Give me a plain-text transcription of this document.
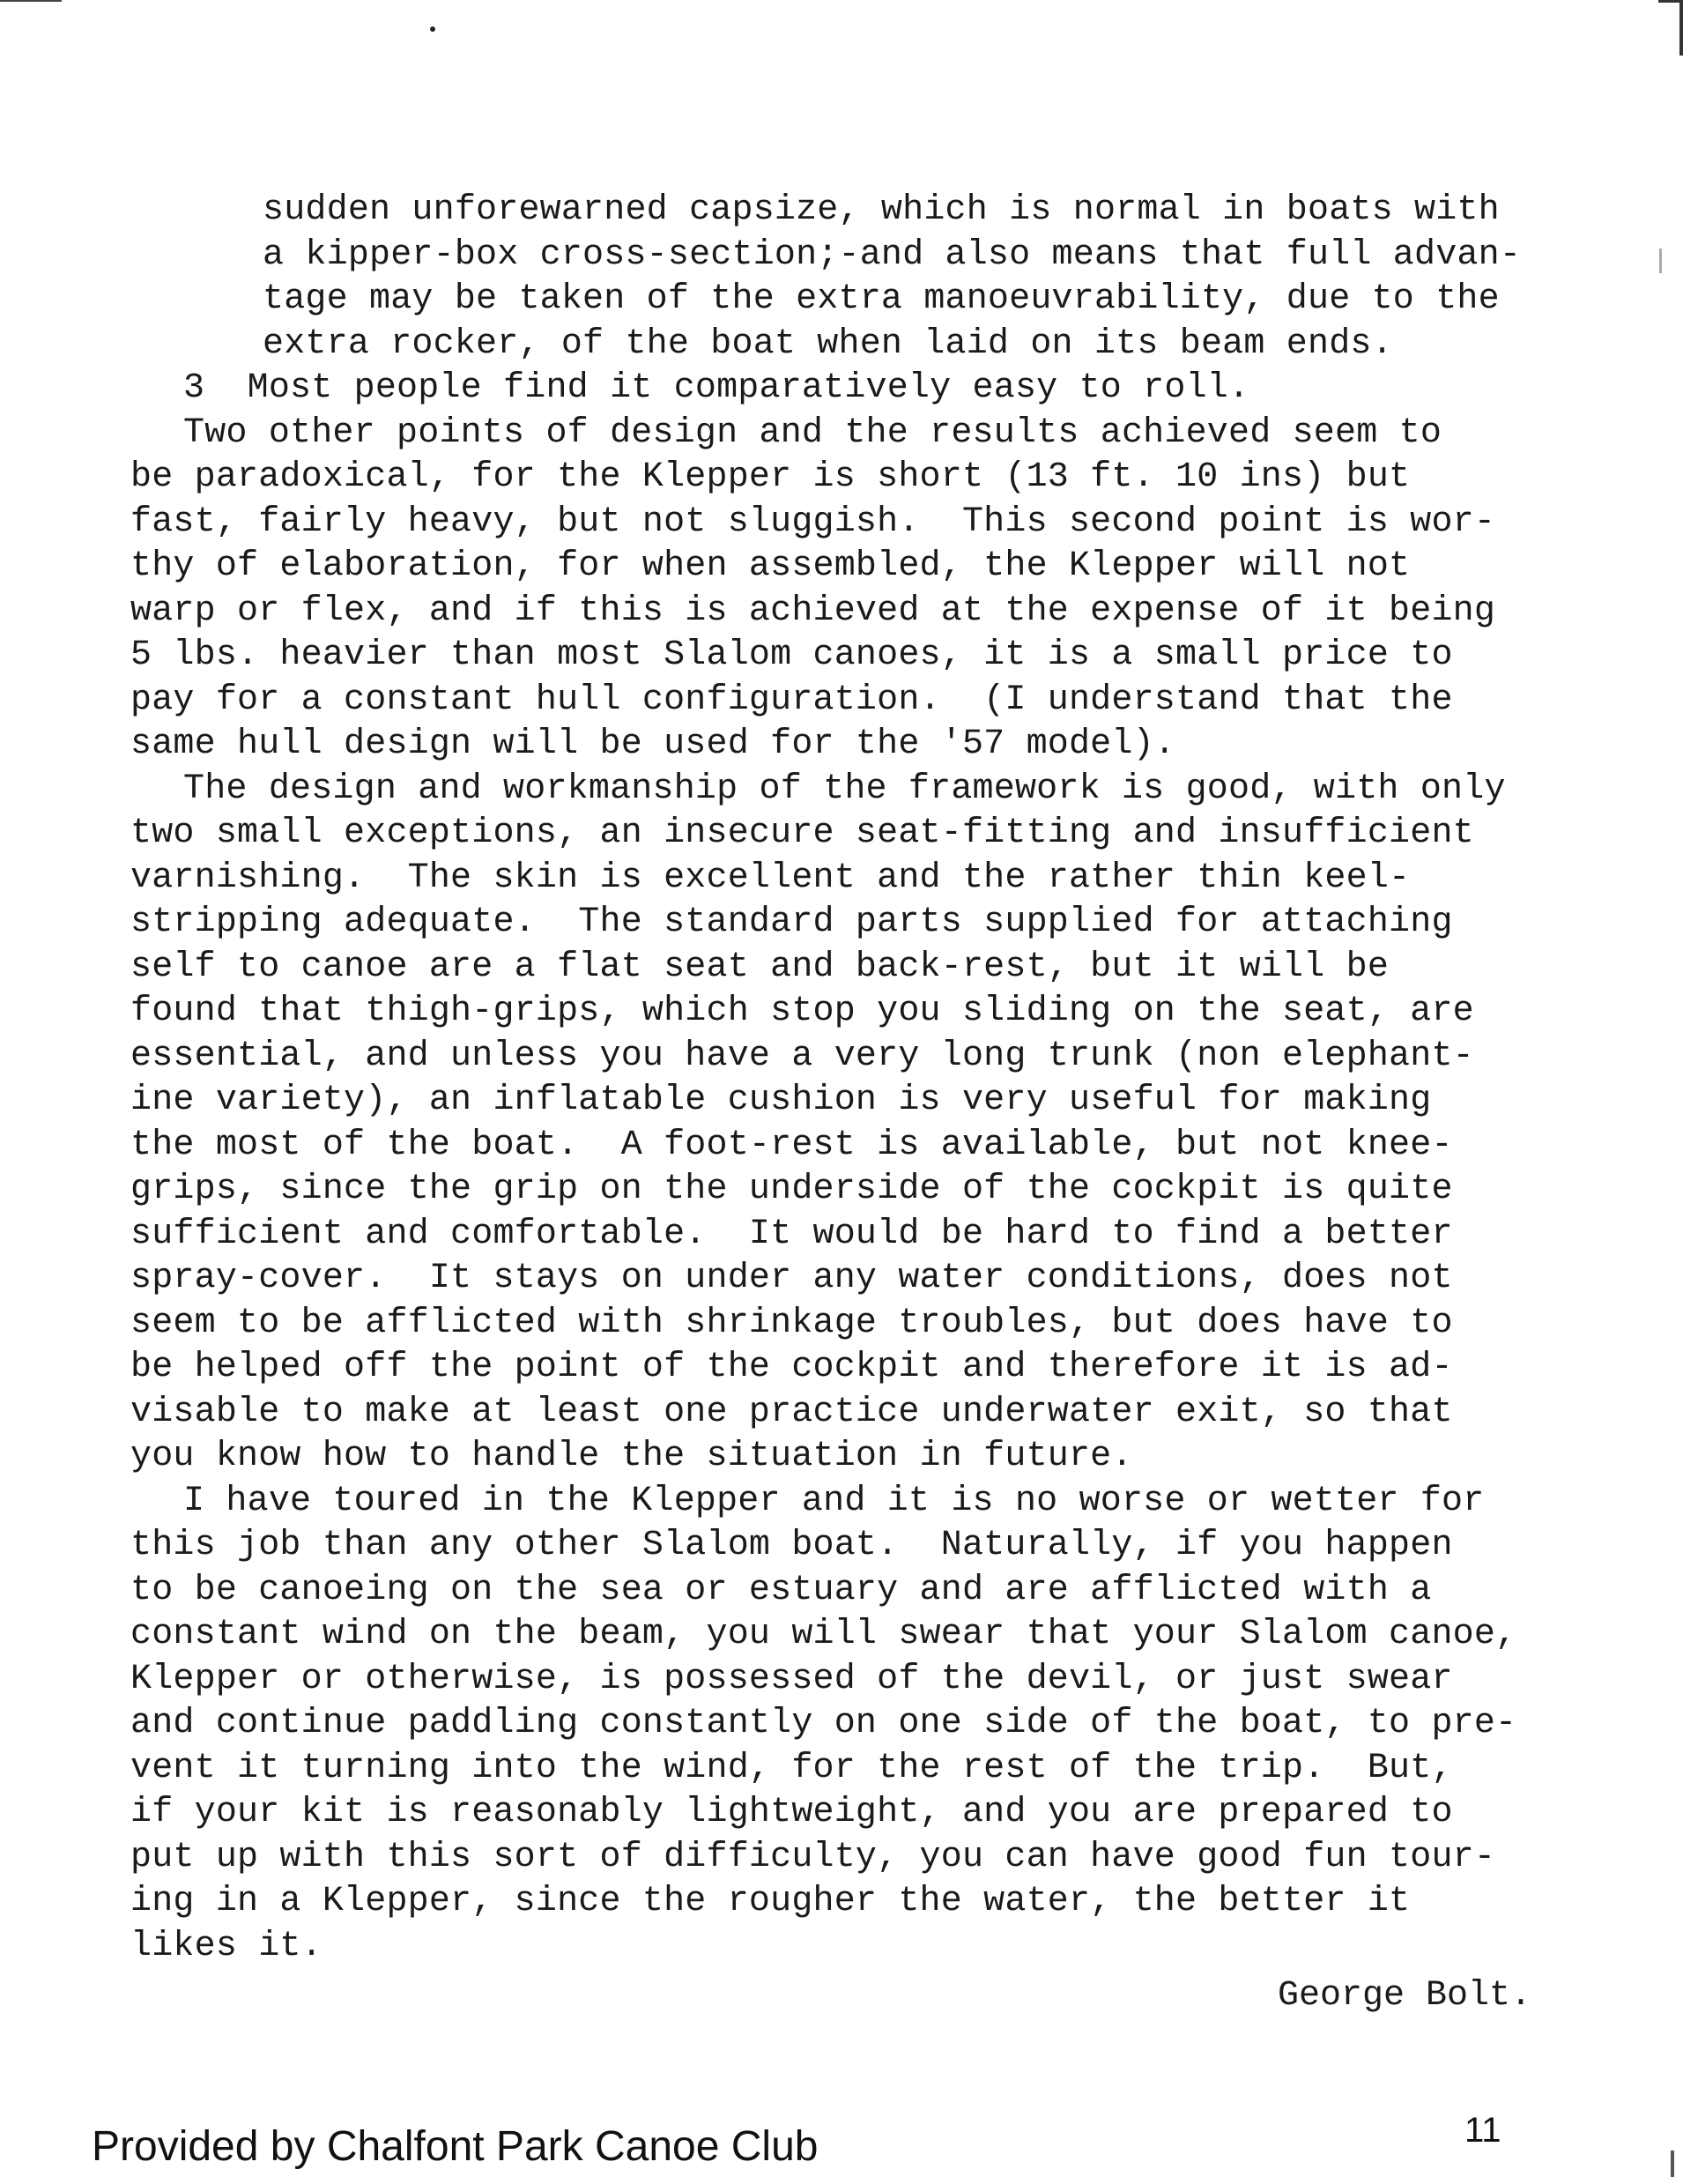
sudden unforewarned capsize, which is normal in boats with
a kipper-box cross-section;-and also means that full advan-
tage may be taken of the extra manoeuvrability, due to the
extra rocker, of the boat when laid on its beam ends.
3  Most people find it comparatively easy to roll.
Two other points of design and the results achieved seem to
be paradoxical, for the Klepper is short (13 ft. 10 ins) but
fast, fairly heavy, but not sluggish.  This second point is wor-
thy of elaboration, for when assembled, the Klepper will not
warp or flex, and if this is achieved at the expense of it being
5 lbs. heavier than most Slalom canoes, it is a small price to
pay for a constant hull configuration.  (I understand that the
same hull design will be used for the '57 model).
The design and workmanship of the framework is good, with only
two small exceptions, an insecure seat-fitting and insufficient
varnishing.  The skin is excellent and the rather thin keel-
stripping adequate.  The standard parts supplied for attaching
self to canoe are a flat seat and back-rest, but it will be
found that thigh-grips, which stop you sliding on the seat, are
essential, and unless you have a very long trunk (non elephant-
ine variety), an inflatable cushion is very useful for making
the most of the boat.  A foot-rest is available, but not knee-
grips, since the grip on the underside of the cockpit is quite
sufficient and comfortable.  It would be hard to find a better
spray-cover.  It stays on under any water conditions, does not
seem to be afflicted with shrinkage troubles, but does have to
be helped off the point of the cockpit and therefore it is ad-
visable to make at least one practice underwater exit, so that
you know how to handle the situation in future.
I have toured in the Klepper and it is no worse or wetter for
this job than any other Slalom boat.  Naturally, if you happen
to be canoeing on the sea or estuary and are afflicted with a
constant wind on the beam, you will swear that your Slalom canoe,
Klepper or otherwise, is possessed of the devil, or just swear
and continue paddling constantly on one side of the boat, to pre-
vent it turning into the wind, for the rest of the trip.  But,
if your kit is reasonably lightweight, and you are prepared to
put up with this sort of difficulty, you can have good fun tour-
ing in a Klepper, since the rougher the water, the better it
likes it.
George Bolt.
Provided by Chalfont Park Canoe Club	11
